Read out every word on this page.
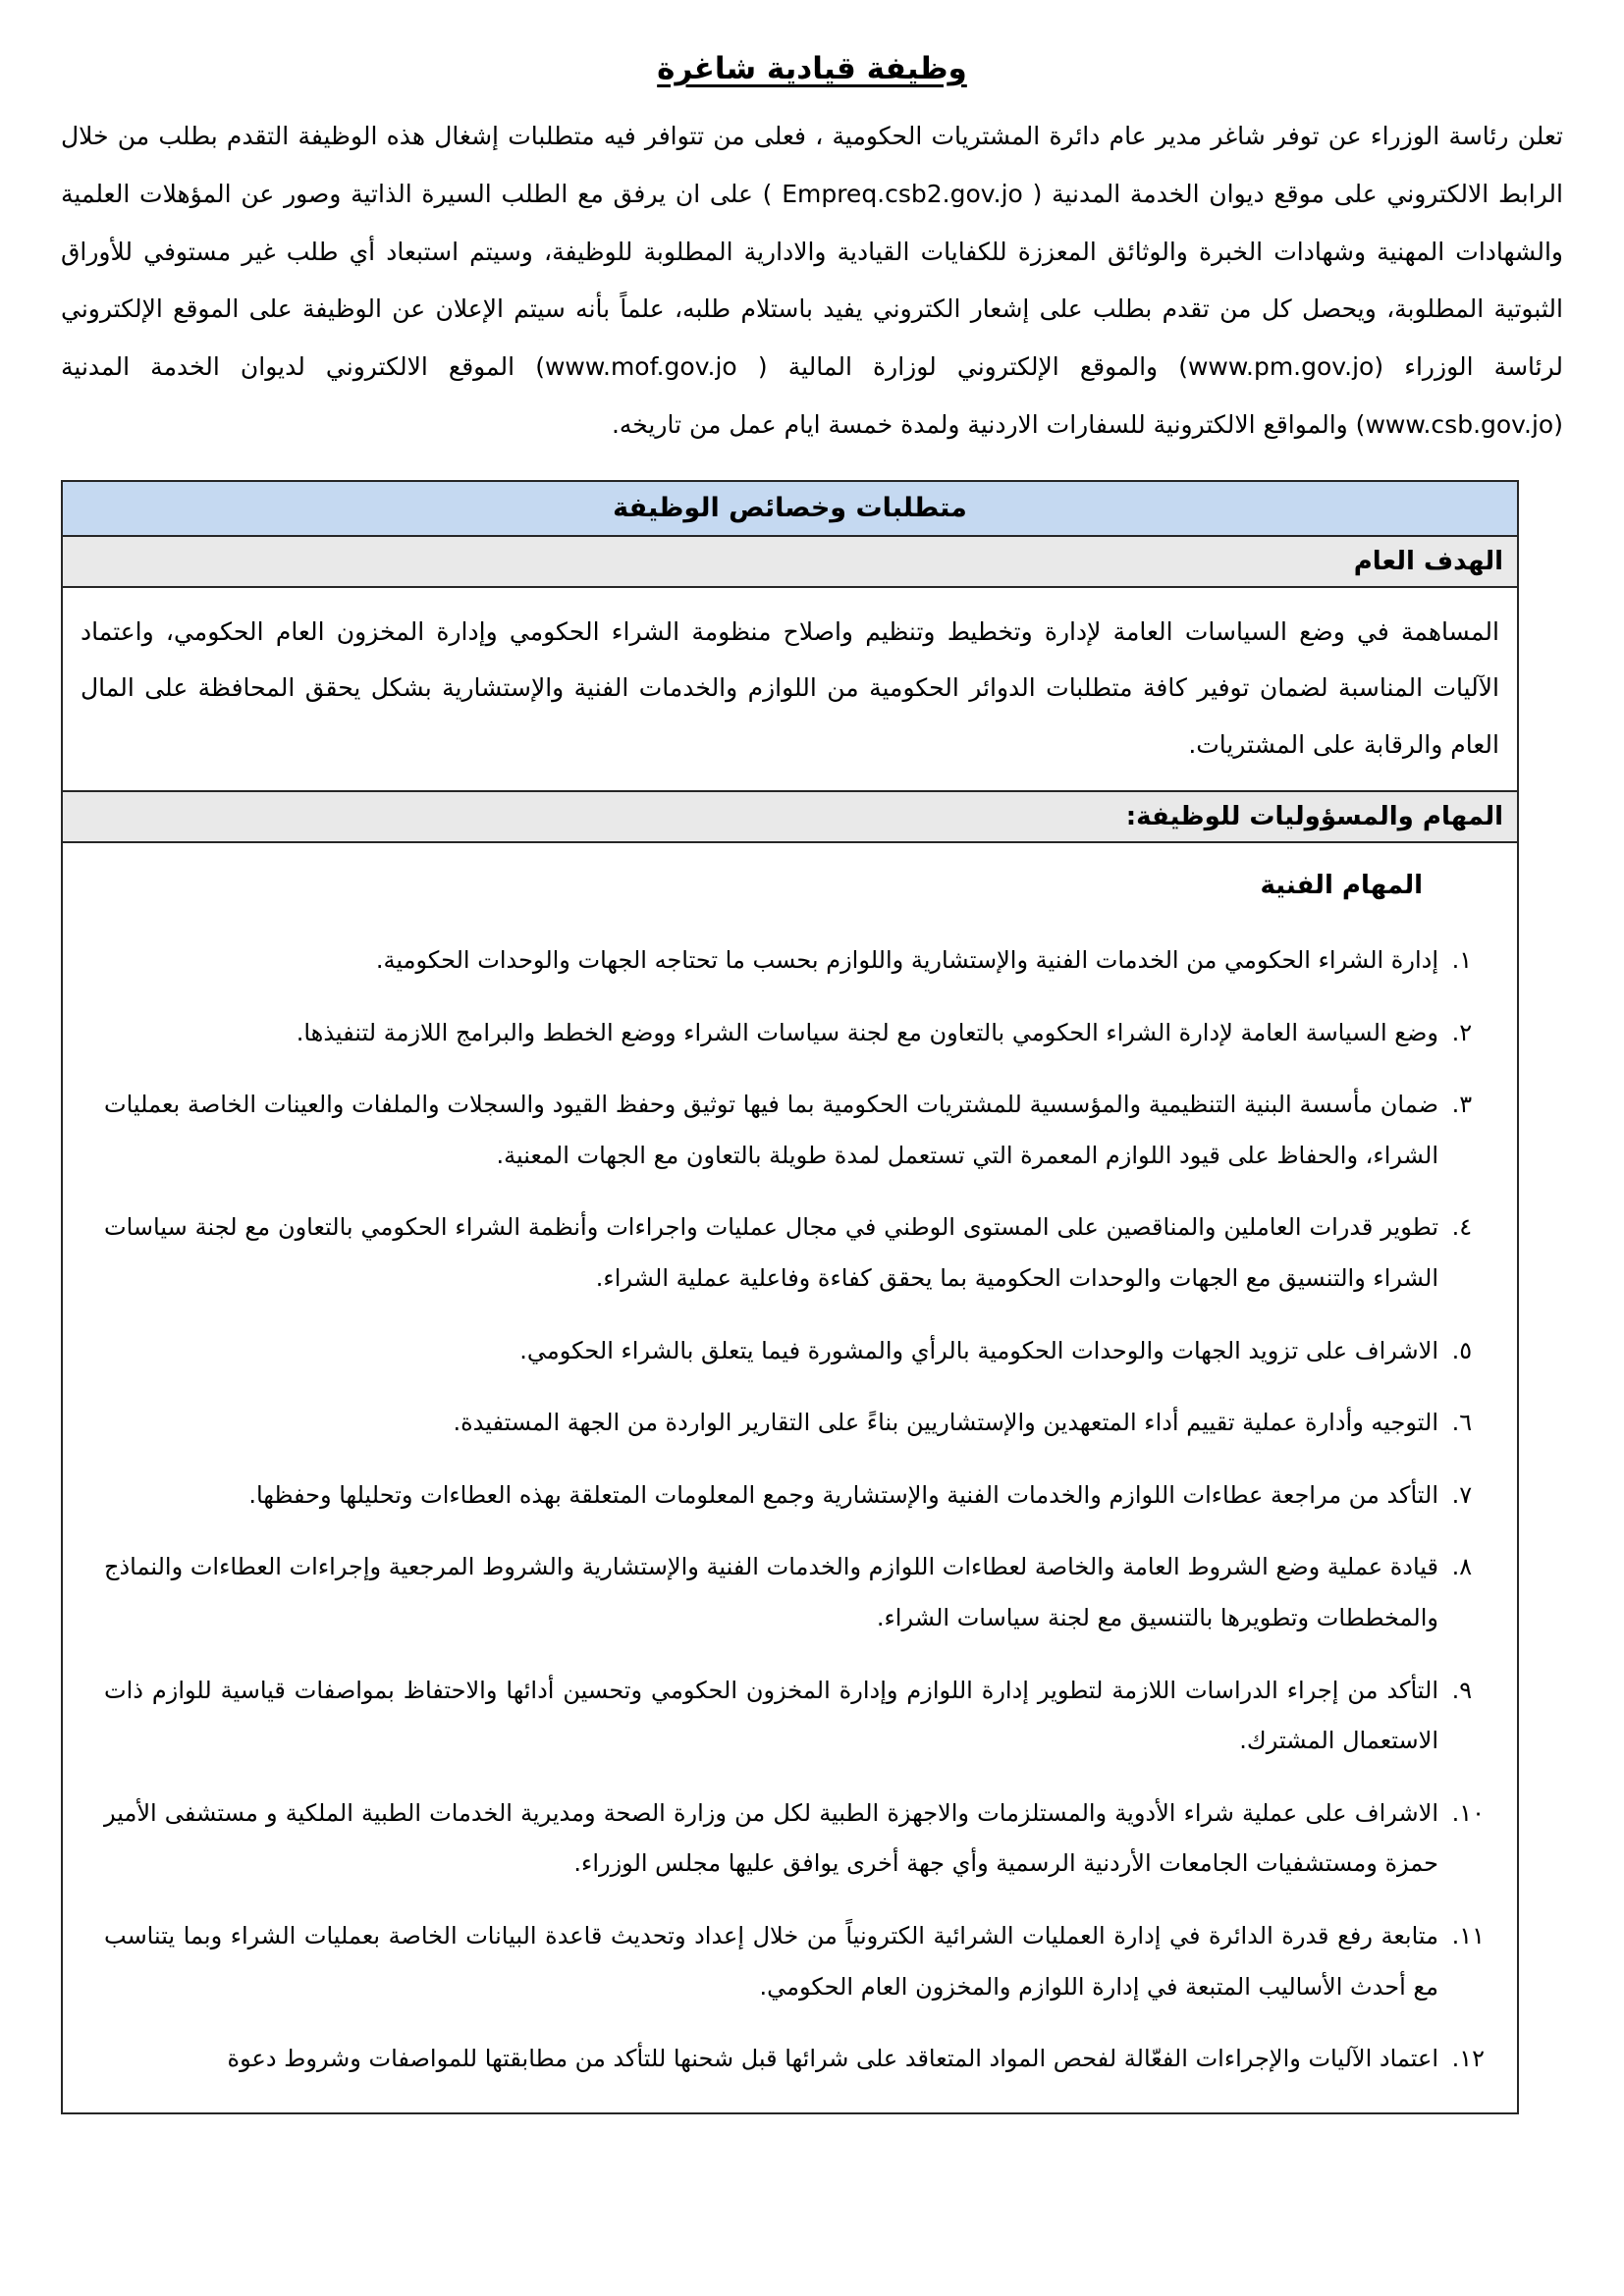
وظيفة قيادية شاغرة

تعلن رئاسة الوزراء عن توفر شاغر مدير عام دائرة المشتريات الحكومية ، فعلى من تتوافر فيه متطلبات إشغال هذه الوظيفة التقدم بطلب من خلال الرابط الالكتروني على موقع ديوان الخدمة المدنية ( Empreq.csb2.gov.jo ) على ان يرفق مع الطلب السيرة الذاتية وصور عن المؤهلات العلمية والشهادات المهنية وشهادات الخبرة والوثائق المعززة للكفايات القيادية والادارية المطلوبة للوظيفة، وسيتم استبعاد أي طلب غير مستوفي للأوراق الثبوتية المطلوبة، ويحصل كل من تقدم بطلب على إشعار الكتروني يفيد باستلام طلبه، علماً بأنه سيتم الإعلان عن الوظيفة على الموقع الإلكتروني لرئاسة الوزراء (www.pm.gov.jo) والموقع الإلكتروني لوزارة المالية ( www.mof.gov.jo) الموقع الالكتروني لديوان الخدمة المدنية (www.csb.gov.jo) والمواقع الالكترونية للسفارات الاردنية ولمدة خمسة ايام عمل من تاريخه.

متطلبات وخصائص الوظيفة
الهدف العام
المساهمة في وضع السياسات العامة لإدارة وتخطيط وتنظيم واصلاح منظومة الشراء الحكومي وإدارة المخزون العام الحكومي، واعتماد الآليات المناسبة لضمان توفير كافة متطلبات الدوائر الحكومية من اللوازم والخدمات الفنية والإستشارية بشكل يحقق المحافظة على المال العام والرقابة على المشتريات.
المهام والمسؤوليات للوظيفة:
المهام الفنية
1. إدارة الشراء الحكومي من الخدمات الفنية والإستشارية واللوازم بحسب ما تحتاجه الجهات والوحدات الحكومية.
2. وضع السياسة العامة لإدارة الشراء الحكومي بالتعاون مع لجنة سياسات الشراء ووضع الخطط والبرامج اللازمة لتنفيذها.
3. ضمان مأسسة البنية التنظيمية والمؤسسية للمشتريات الحكومية بما فيها توثيق وحفظ القيود والسجلات والملفات والعينات الخاصة بعمليات الشراء، والحفاظ على قيود اللوازم المعمرة التي تستعمل لمدة طويلة بالتعاون مع الجهات المعنية.
4. تطوير قدرات العاملين والمناقصين على المستوى الوطني في مجال عمليات واجراءات وأنظمة الشراء الحكومي بالتعاون مع لجنة سياسات الشراء والتنسيق مع الجهات والوحدات الحكومية بما يحقق كفاءة وفاعلية عملية الشراء.
5. الاشراف على تزويد الجهات والوحدات الحكومية بالرأي والمشورة فيما يتعلق بالشراء الحكومي.
6. التوجيه وأدارة عملية تقييم أداء المتعهدين والإستشاريين بناءً على التقارير الواردة من الجهة المستفيدة.
7. التأكد من مراجعة عطاءات اللوازم والخدمات الفنية والإستشارية وجمع المعلومات المتعلقة بهذه العطاءات وتحليلها وحفظها.
8. قيادة عملية وضع الشروط العامة والخاصة لعطاءات اللوازم والخدمات الفنية والإستشارية والشروط المرجعية وإجراءات العطاءات والنماذج والمخططات وتطويرها بالتنسيق مع لجنة سياسات الشراء.
9. التأكد من إجراء الدراسات اللازمة لتطوير إدارة اللوازم وإدارة المخزون الحكومي وتحسين أدائها والاحتفاظ بمواصفات قياسية للوازم ذات الاستعمال المشترك.
10. الاشراف على عملية شراء الأدوية والمستلزمات والاجهزة الطبية لكل من وزارة الصحة ومديرية الخدمات الطبية الملكية و مستشفى الأمير حمزة ومستشفيات الجامعات الأردنية الرسمية وأي جهة أخرى يوافق عليها مجلس الوزراء.
11. متابعة رفع قدرة الدائرة في إدارة العمليات الشرائية الكترونياً من خلال إعداد وتحديث قاعدة البيانات الخاصة بعمليات الشراء وبما يتناسب مع أحدث الأساليب المتبعة في إدارة اللوازم والمخزون العام الحكومي.
12. اعتماد الآليات والإجراءات الفعّالة لفحص المواد المتعاقد على شرائها قبل شحنها للتأكد من مطابقتها للمواصفات وشروط دعوة
